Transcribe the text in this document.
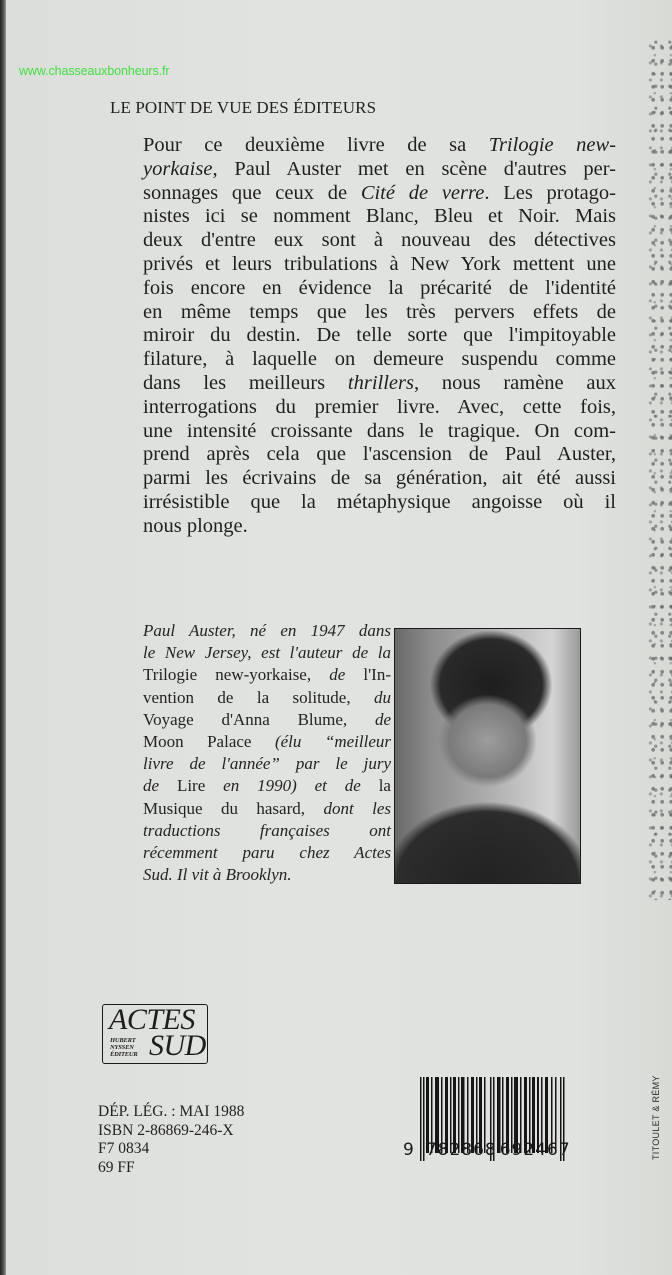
www.chasseauxbonheurs.fr
LE POINT DE VUE DES ÉDITEURS
Pour ce deuxième livre de sa Trilogie new-
yorkaise, Paul Auster met en scène d'autres per-
sonnages que ceux de Cité de verre. Les protago-
nistes ici se nomment Blanc, Bleu et Noir. Mais
deux d'entre eux sont à nouveau des détectives
privés et leurs tribulations à New York mettent une
fois encore en évidence la précarité de l'identité
en même temps que les très pervers effets de
miroir du destin. De telle sorte que l'impitoyable
filature, à laquelle on demeure suspendu comme
dans les meilleurs thrillers, nous ramène aux
interrogations du premier livre. Avec, cette fois,
une intensité croissante dans le tragique. On com-
prend après cela que l'ascension de Paul Auster,
parmi les écrivains de sa génération, ait été aussi
irrésistible que la métaphysique angoisse où il
nous plonge.
Paul Auster, né en 1947 dans
le New Jersey, est l'auteur de la
Trilogie new-yorkaise, de l'In-
vention de la solitude, du
Voyage d'Anna Blume, de
Moon Palace (élu “meilleur
livre de l'année” par le jury
de Lire en 1990) et de la
Musique du hasard, dont les
traductions françaises ont
récemment paru chez Actes
Sud. Il vit à Brooklyn.
ACTES
HUBERT
NYSSEN
ÉDITEUR SUD
DÉP. LÉG. : MAI 1988
ISBN 2-86869-246-X
F7 0834
69 FF
9 782868 692467	TITOULET & RÉMY
